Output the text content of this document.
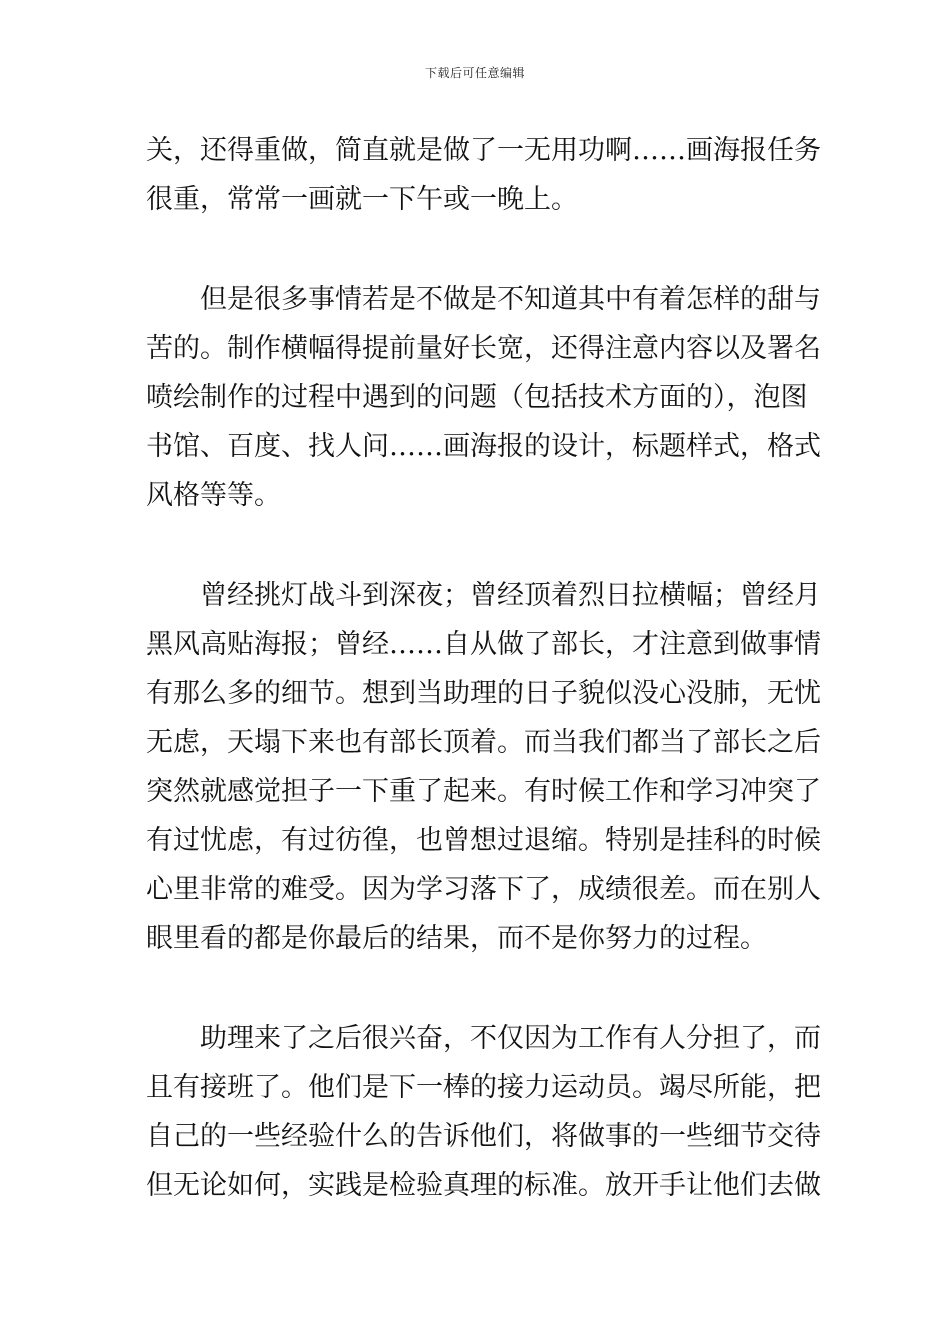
下载后可任意编辑
关，还得重做，简直就是做了一无用功啊……画海报任务
很重，常常一画就一下午或一晚上。
　　但是很多事情若是不做是不知道其中有着怎样的甜与
苦的。制作横幅得提前量好长宽，还得注意内容以及署名
喷绘制作的过程中遇到的问题（包括技术方面的），泡图
书馆、百度、找人问……画海报的设计，标题样式，格式
风格等等。
　　曾经挑灯战斗到深夜；曾经顶着烈日拉横幅；曾经月
黑风高贴海报；曾经……自从做了部长，才注意到做事情
有那么多的细节。想到当助理的日子貌似没心没肺，无忧
无虑，天塌下来也有部长顶着。而当我们都当了部长之后
突然就感觉担子一下重了起来。有时候工作和学习冲突了
有过忧虑，有过彷徨，也曾想过退缩。特别是挂科的时候
心里非常的难受。因为学习落下了，成绩很差。而在别人
眼里看的都是你最后的结果，而不是你努力的过程。
　　助理来了之后很兴奋，不仅因为工作有人分担了，而
且有接班了。他们是下一棒的接力运动员。竭尽所能，把
自己的一些经验什么的告诉他们，将做事的一些细节交待
但无论如何，实践是检验真理的标准。放开手让他们去做
